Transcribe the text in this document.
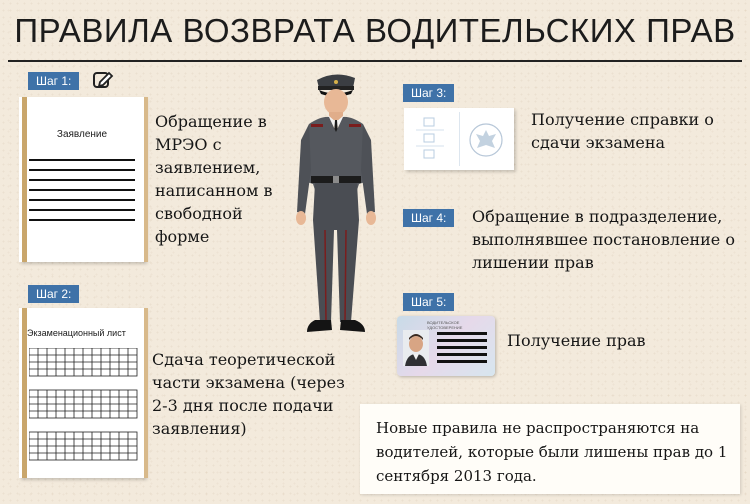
ПРАВИЛА ВОЗВРАТА ВОДИТЕЛЬСКИХ ПРАВ
Шаг 1:
Заявление
Обращение в МРЭО с заявлением, написанном в свободной форме
Шаг 2:
Экзаменационный лист
Сдача теоретической части экзамена (через 2-3 дня после подачи заявления)
Шаг 3:
Получение справки о сдачи экзамена
Шаг 4:	Обращение в подразделение, выполнявшее постановление о лишении прав
Шаг 5:
ВОДИТЕЛЬСКОЕ УДОСТОВЕРЕНИЕ
Получение прав
Новые правила не распространяются на водителей, которые были лишены прав до 1 сентября 2013 года.
